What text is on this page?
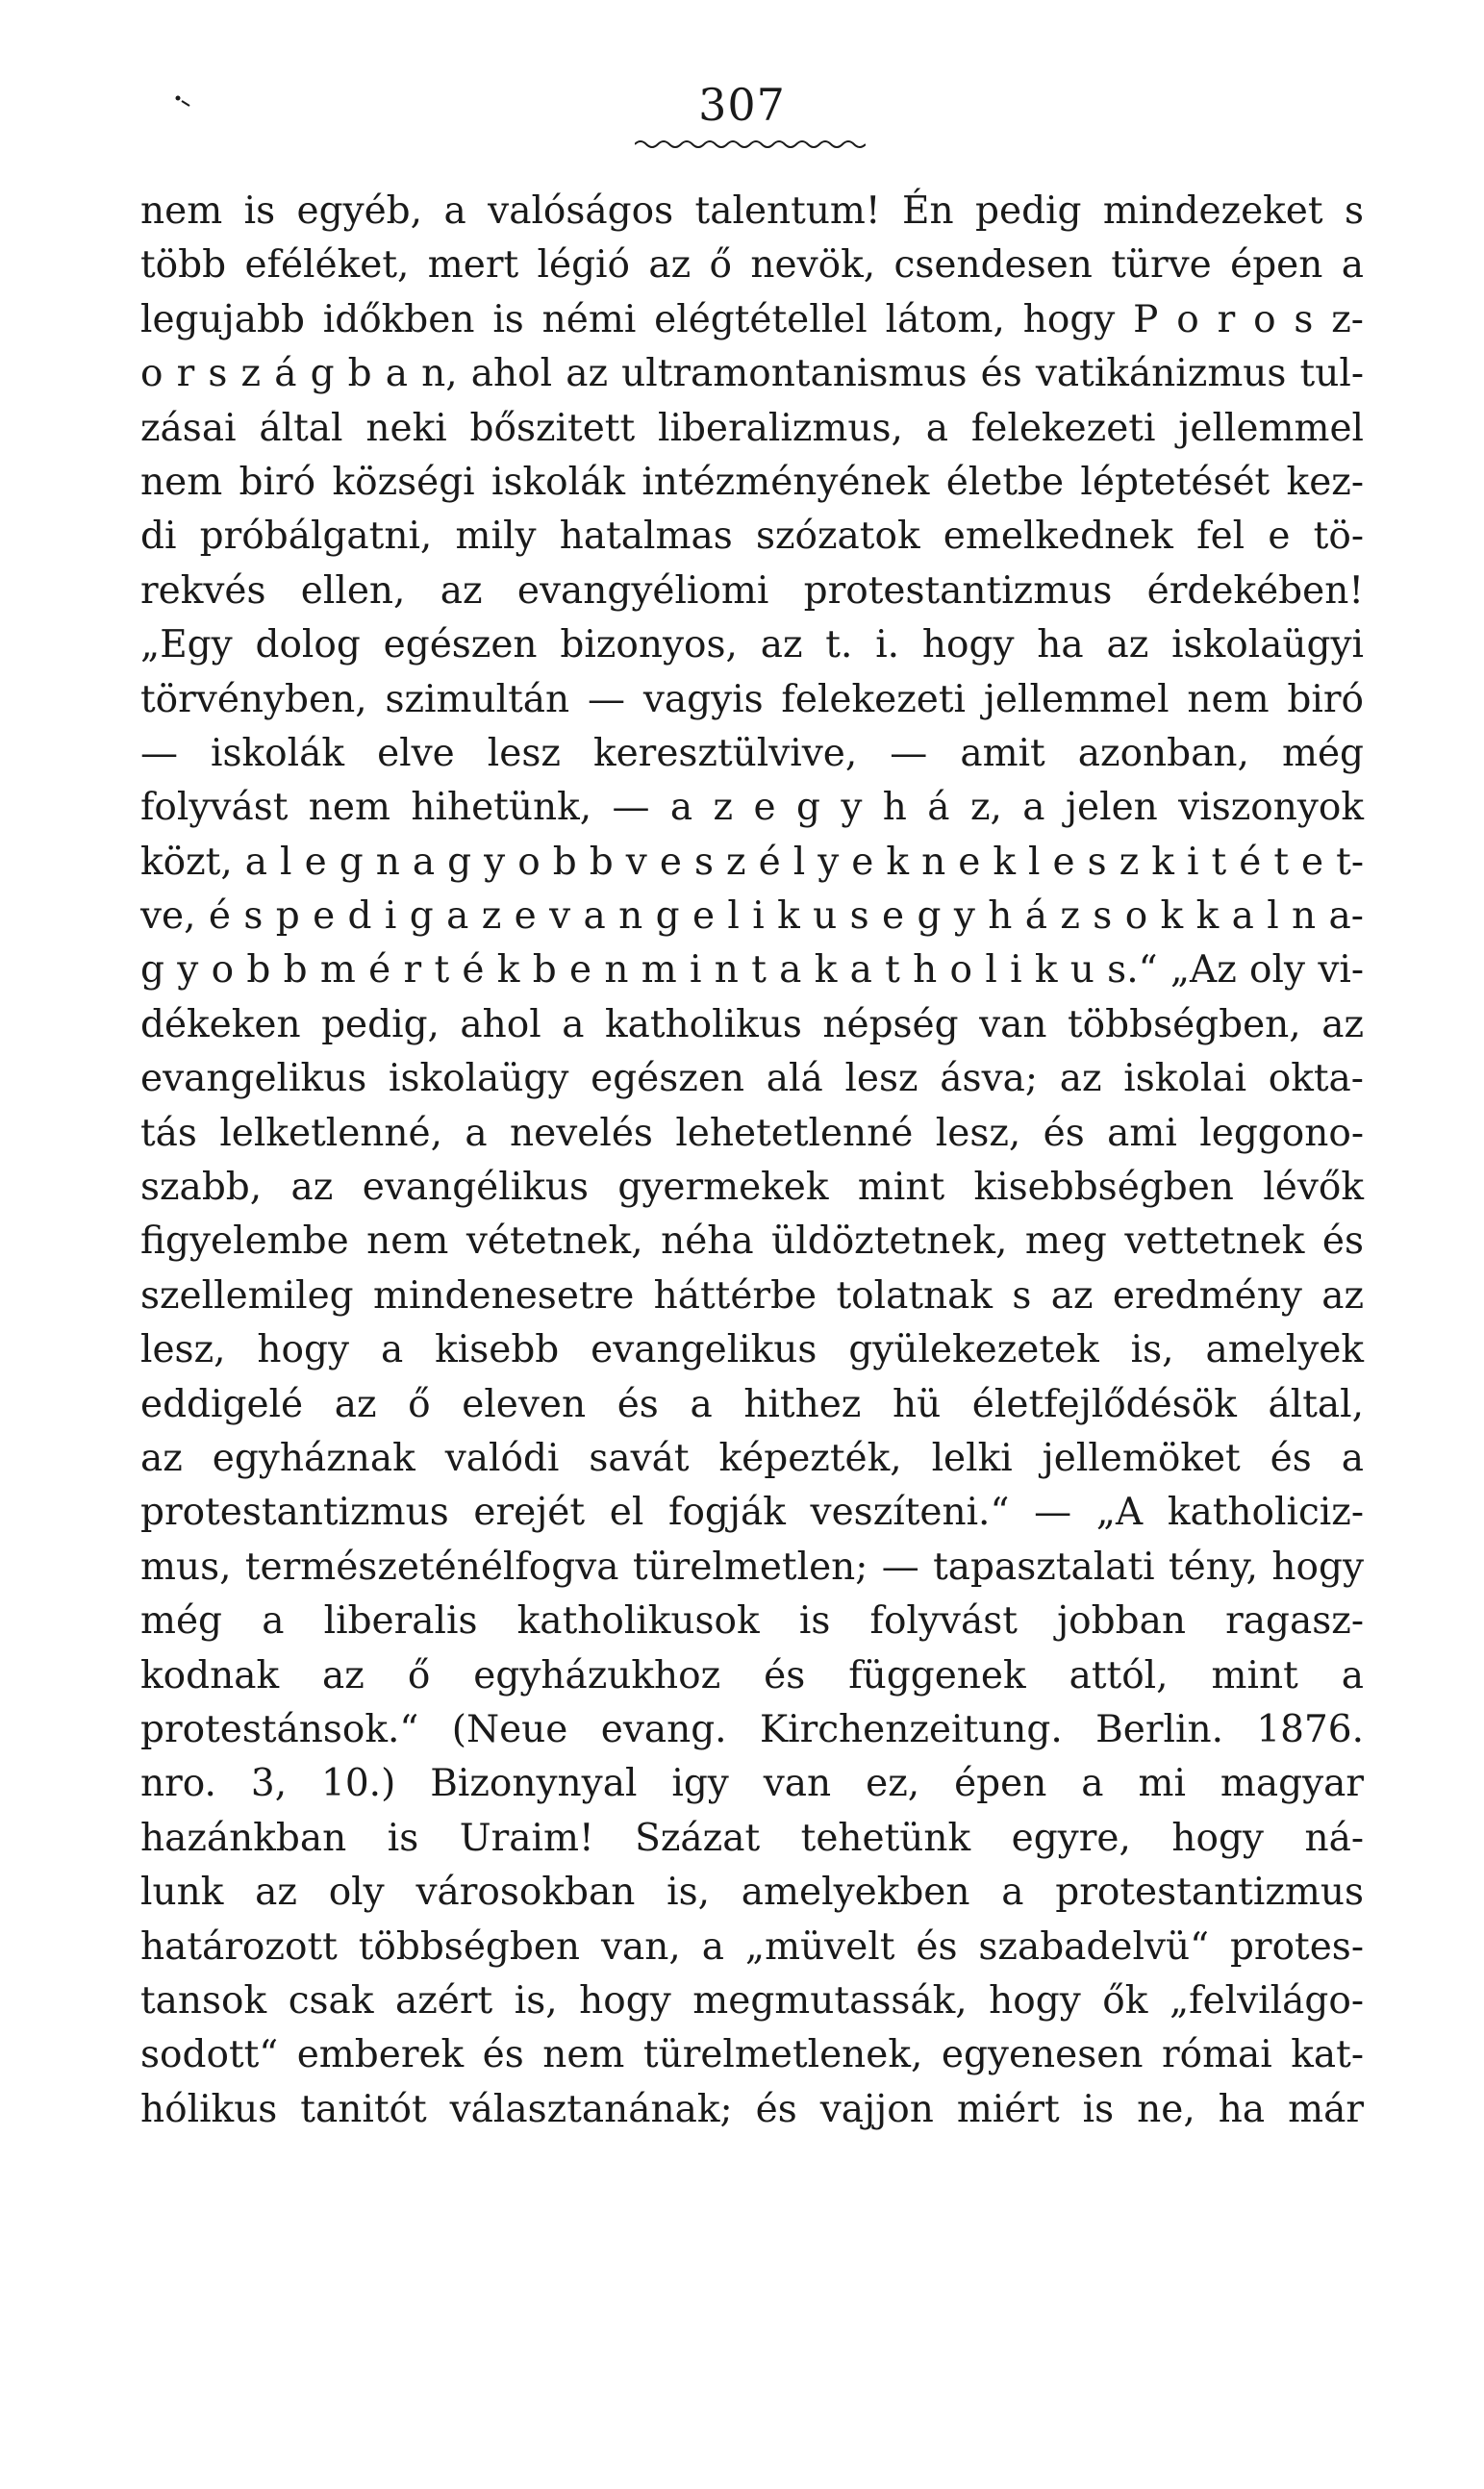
307
nem is egyéb, a valóságos talentum! Én pedig mindezeket s
több eféléket, mert légió az ő nevök, csendesen türve épen a
legujabb időkben is némi elégtétellel látom, hogy P o r o s z-
o r s z á g b a n, ahol az ultramontanismus és vatikánizmus tul-
zásai által neki bőszitett liberalizmus, a felekezeti jellemmel
nem biró községi iskolák intézményének életbe léptetését kez-
di próbálgatni, mily hatalmas szózatok emelkednek fel e tö-
rekvés ellen, az evangyéliomi protestantizmus érdekében!
„Egy dolog egészen bizonyos, az t. i. hogy ha az iskolaügyi
törvényben, szimultán — vagyis felekezeti jellemmel nem biró
— iskolák elve lesz keresztülvive, — amit azonban, még
folyvást nem hihetünk, — a z e g y h á z, a jelen viszonyok
közt, a l e g n a g y o b b v e s z é l y e k n e k l e s z k i t é t e t-
ve, é s p e d i g a z e v a n g e l i k u s e g y h á z s o k k a l n a-
g y o b b m é r t é k b e n m i n t a k a t h o l i k u s.“ „Az oly vi-
dékeken pedig, ahol a katholikus népség van többségben, az
evangelikus iskolaügy egészen alá lesz ásva; az iskolai okta-
tás lelketlenné, a nevelés lehetetlenné lesz, és ami leggono-
szabb, az evangélikus gyermekek mint kisebbségben lévők
figyelembe nem vétetnek, néha üldöztetnek, meg vettetnek és
szellemileg mindenesetre háttérbe tolatnak s az eredmény az
lesz, hogy a kisebb evangelikus gyülekezetek is, amelyek
eddigelé az ő eleven és a hithez hü életfejlődésök által,
az egyháznak valódi savát képezték, lelki jellemöket és a
protestantizmus erejét el fogják veszíteni.“ — „A katholiciz-
mus, természeténélfogva türelmetlen; — tapasztalati tény, hogy
még a liberalis katholikusok is folyvást jobban ragasz-
kodnak az ő egyházukhoz és függenek attól, mint a
protestánsok.“ (Neue evang. Kirchenzeitung. Berlin. 1876.
nro. 3, 10.) Bizonynyal igy van ez, épen a mi magyar
hazánkban is Uraim! Százat tehetünk egyre, hogy ná-
lunk az oly városokban is, amelyekben a protestantizmus
határozott többségben van, a „müvelt és szabadelvü“ protes-
tansok csak azért is, hogy megmutassák, hogy ők „felvilágo-
sodott“ emberek és nem türelmetlenek, egyenesen római kat-
hólikus tanitót választanának; és vajjon miért is ne, ha már
